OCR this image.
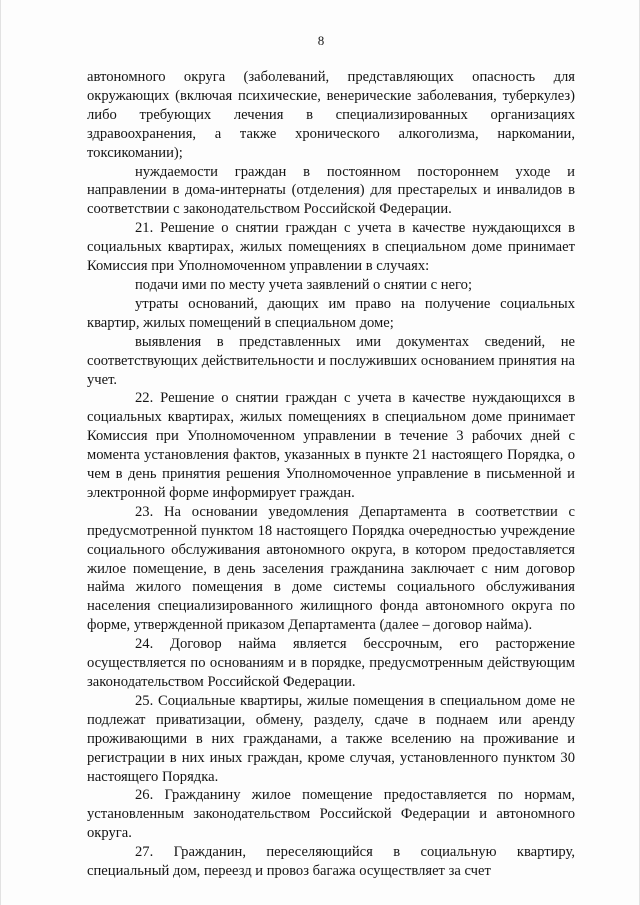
8

автономного округа (заболеваний, представляющих опасность для окружающих (включая психические, венерические заболевания, туберкулез) либо требующих лечения в специализированных организациях здравоохранения, а также хронического алкоголизма, наркомании, токсикомании);

нуждаемости граждан в постоянном постороннем уходе и направлении в дома-интернаты (отделения) для престарелых и инвалидов в соответствии с законодательством Российской Федерации.

21. Решение о снятии граждан с учета в качестве нуждающихся в социальных квартирах, жилых помещениях в специальном доме принимает Комиссия при Уполномоченном управлении в случаях:

подачи ими по месту учета заявлений о снятии с него;

утраты оснований, дающих им право на получение социальных квартир, жилых помещений в специальном доме;

выявления в представленных ими документах сведений, не соответствующих действительности и послуживших основанием принятия на учет.

22. Решение о снятии граждан с учета в качестве нуждающихся в социальных квартирах, жилых помещениях в специальном доме принимает Комиссия при Уполномоченном управлении в течение 3 рабочих дней с момента установления фактов, указанных в пункте 21 настоящего Порядка, о чем в день принятия решения Уполномоченное управление в письменной и электронной форме информирует граждан.

23. На основании уведомления Департамента в соответствии с предусмотренной пунктом 18 настоящего Порядка очередностью учреждение социального обслуживания автономного округа, в котором предоставляется жилое помещение, в день заселения гражданина заключает с ним договор найма жилого помещения в доме системы социального обслуживания населения специализированного жилищного фонда автономного округа по форме, утвержденной приказом Департамента (далее – договор найма).

24. Договор найма является бессрочным, его расторжение осуществляется по основаниям и в порядке, предусмотренным действующим законодательством Российской Федерации.

25. Социальные квартиры, жилые помещения в специальном доме не подлежат приватизации, обмену, разделу, сдаче в поднаем или аренду проживающими в них гражданами, а также вселению на проживание и регистрации в них иных граждан, кроме случая, установленного пунктом 30 настоящего Порядка.

26. Гражданину жилое помещение предоставляется по нормам, установленным законодательством Российской Федерации и автономного округа.

27. Гражданин, переселяющийся в социальную квартиру, специальный дом, переезд и провоз багажа осуществляет за счет
